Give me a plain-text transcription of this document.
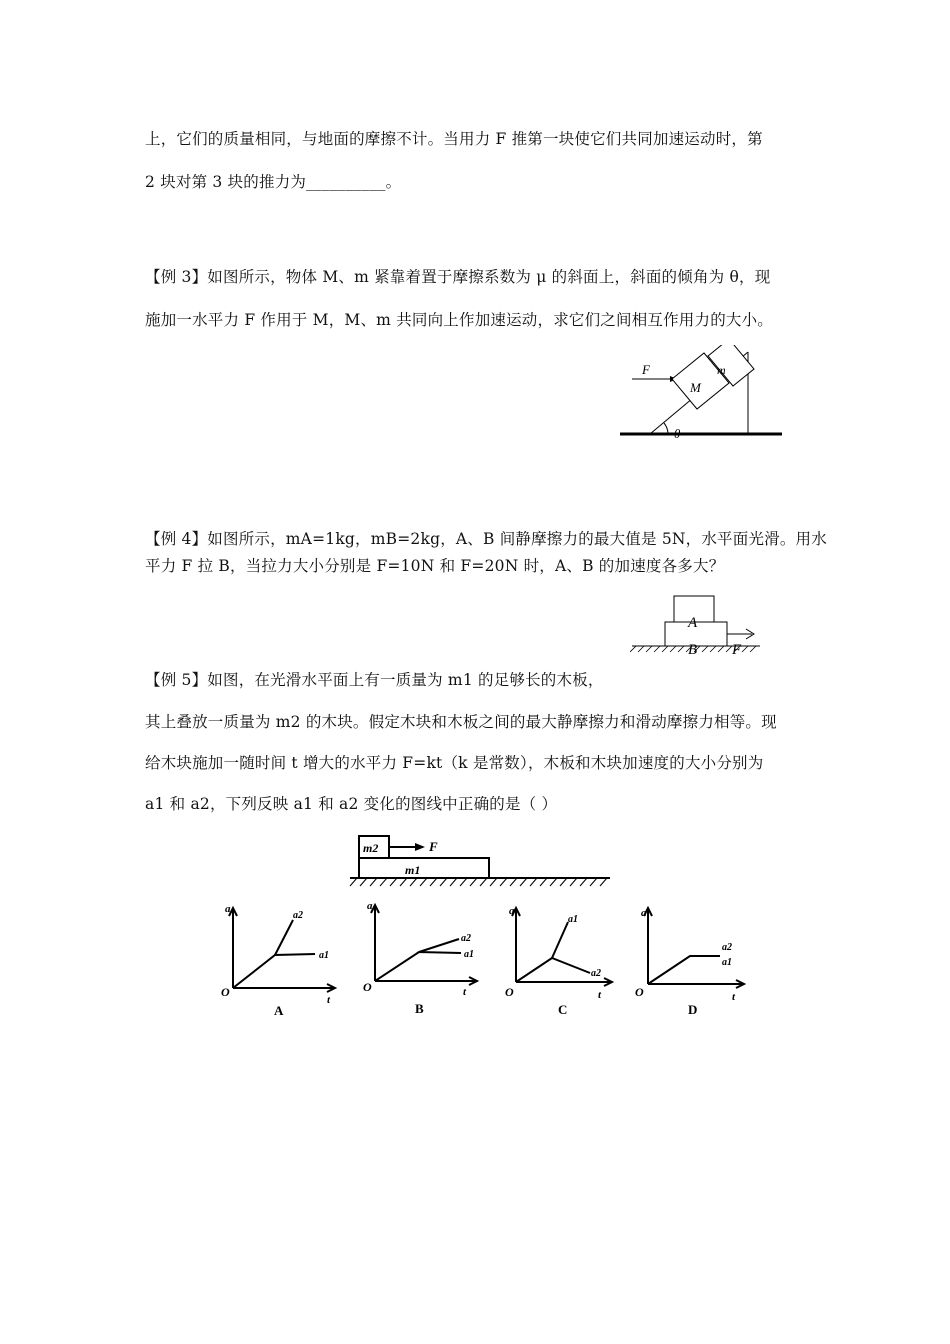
上，它们的质量相同，与地面的摩擦不计。当用力 F 推第一块使它们共同加速运动时，第
2 块对第 3 块的推力为__________。
【例 3】如图所示，物体 M、m 紧靠着置于摩擦系数为 μ 的斜面上，斜面的倾角为 θ，现
施加一水平力 F 作用于 M，M、m 共同向上作加速运动，求它们之间相互作用力的大小。
θ
F
M
m
【例 4】如图所示，mA=1kg，mB=2kg，A、B 间静摩擦力的最大值是 5N，水平面光滑。用水
平力 F 拉 B，当拉力大小分别是 F=10N 和 F=20N 时，A、B 的加速度各多大？
A
B F
【例 5】如图，在光滑水平面上有一质量为 m1 的足够长的木板，
其上叠放一质量为 m2 的木块。假定木块和木板之间的最大静摩擦力和滑动摩擦力相等。现
给木块施加一随时间 t 增大的水平力 F=kt（k 是常数），木板和木块加速度的大小分别为
a1 和 a2，下列反映 a1 和 a2 变化的图线中正确的是（ ）
m1
m2	F
a
t
O
a2
a1
A
a
t
O
a2
a1
B
a
t
O
a1
a2
C
a
t
O
a2
a1
D
